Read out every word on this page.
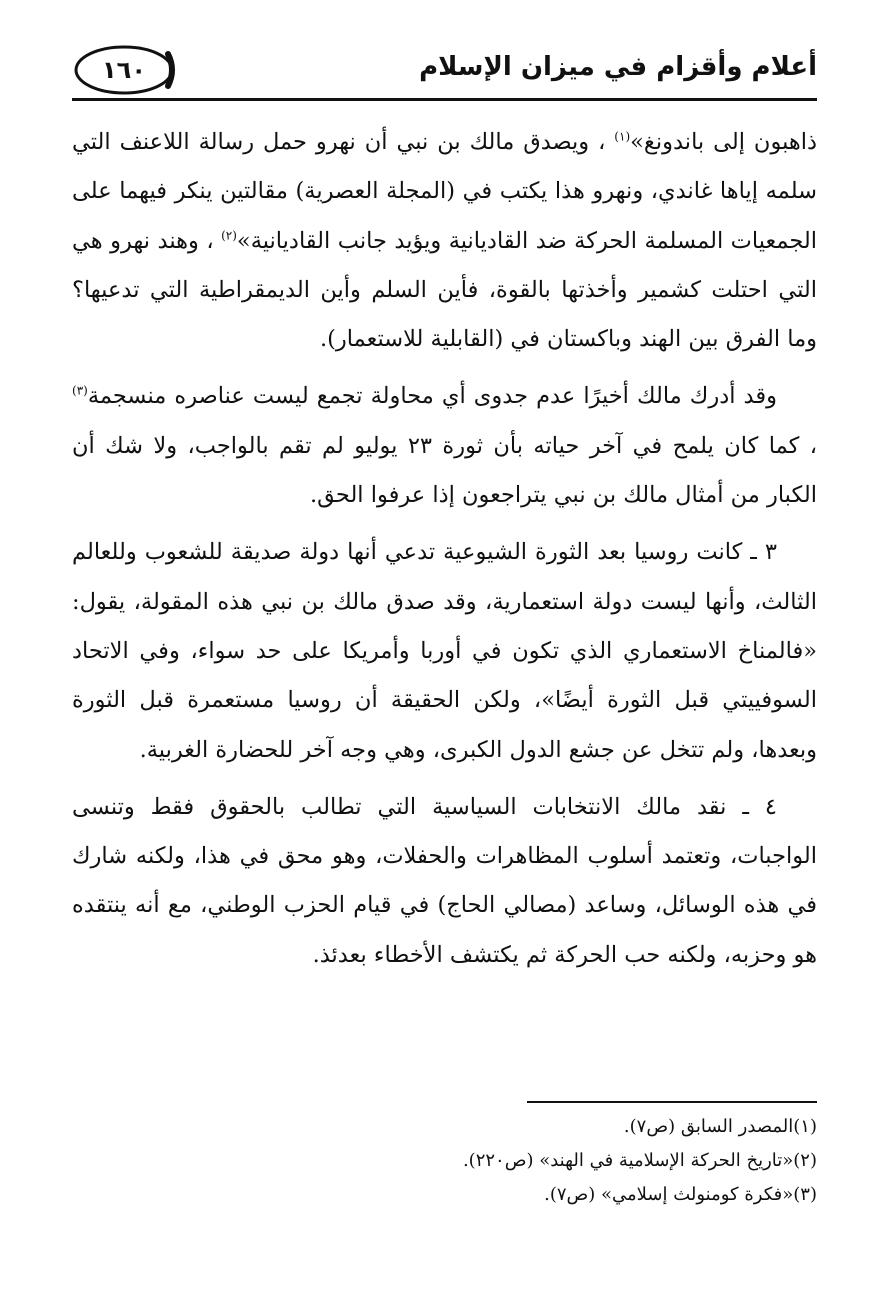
أعلام وأقزام في ميزان الإسلام
١٦٠

ذاهبون إلى باندونغ»$^{(١)}$ ، ويصدق مالك بن نبي أن نهرو حمل رسالة اللاعنف التي سلمه إياها غاندي، ونهرو هذا يكتب في (المجلة العصرية) مقالتين ينكر فيهما على الجمعيات المسلمة الحركة ضد القاديانية ويؤيد جانب القاديانية»$^{(٢)}$ ، وهند نهرو هي التي احتلت كشمير وأخذتها بالقوة، فأين السلم وأين الديمقراطية التي تدعيها؟ وما الفرق بين الهند وباكستان في (القابلية للاستعمار).

وقد أدرك مالك أخيرًا عدم جدوى أي محاولة تجمع ليست عناصره منسجمة$^{(٣)}$ ، كما كان يلمح في آخر حياته بأن ثورة ٢٣ يوليو لم تقم بالواجب، ولا شك أن الكبار من أمثال مالك بن نبي يتراجعون إذا عرفوا الحق.

٣ ـ كانت روسيا بعد الثورة الشيوعية تدعي أنها دولة صديقة للشعوب وللعالم الثالث، وأنها ليست دولة استعمارية، وقد صدق مالك بن نبي هذه المقولة، يقول: «فالمناخ الاستعماري الذي تكون في أوربا وأمريكا على حد سواء، وفي الاتحاد السوفييتي قبل الثورة أيضًا»، ولكن الحقيقة أن روسيا مستعمرة قبل الثورة وبعدها، ولم تتخل عن جشع الدول الكبرى، وهي وجه آخر للحضارة الغربية.

٤ ـ نقد مالك الانتخابات السياسية التي تطالب بالحقوق فقط وتنسى الواجبات، وتعتمد أسلوب المظاهرات والحفلات، وهو محق في هذا، ولكنه شارك في هذه الوسائل، وساعد (مصالي الحاج) في قيام الحزب الوطني، مع أنه ينتقده هو وحزبه، ولكنه حب الحركة ثم يكتشف الأخطاء بعدئذ.

(١)المصدر السابق (ص٧).
(٢)«تاريخ الحركة الإسلامية في الهند» (ص٢٢٠).
(٣)«فكرة كومنولث إسلامي» (ص٧).
